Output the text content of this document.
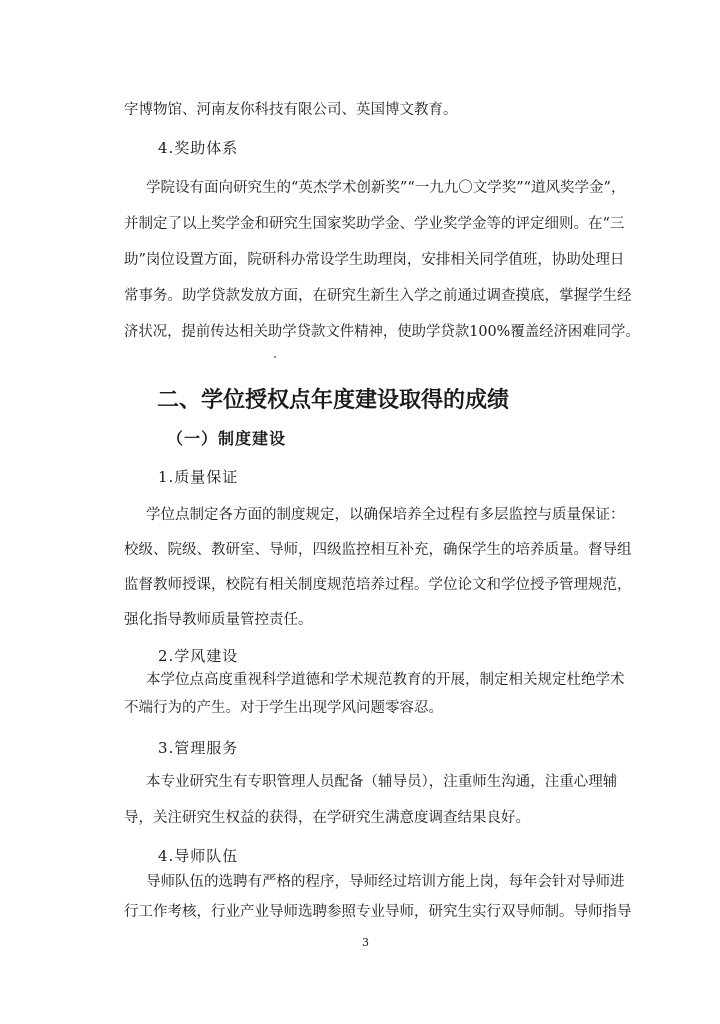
字博物馆、河南友你科技有限公司、英国博文教育。
4.奖助体系
学院设有面向研究生的“英杰学术创新奖”“一九九〇文学奖”“道风奖学金”，
并制定了以上奖学金和研究生国家奖助学金、学业奖学金等的评定细则。在“三
助”岗位设置方面，院研科办常设学生助理岗，安排相关同学值班，协助处理日
常事务。助学贷款发放方面，在研究生新生入学之前通过调查摸底，掌握学生经
济状况，提前传达相关助学贷款文件精神，使助学贷款100%覆盖经济困难同学。
二、学位授权点年度建设取得的成绩
（一）制度建设
1.质量保证
学位点制定各方面的制度规定，以确保培养全过程有多层监控与质量保证：
校级、院级、教研室、导师，四级监控相互补充，确保学生的培养质量。督导组
监督教师授课，校院有相关制度规范培养过程。学位论文和学位授予管理规范，
强化指导教师质量管控责任。
2.学风建设
本学位点高度重视科学道德和学术规范教育的开展，制定相关规定杜绝学术
不端行为的产生。对于学生出现学风问题零容忍。
3.管理服务
本专业研究生有专职管理人员配备（辅导员），注重师生沟通，注重心理辅
导，关注研究生权益的获得，在学研究生满意度调查结果良好。
4.导师队伍
导师队伍的选聘有严格的程序，导师经过培训方能上岗，每年会针对导师进
行工作考核，行业产业导师选聘参照专业导师，研究生实行双导师制。导师指导
3
